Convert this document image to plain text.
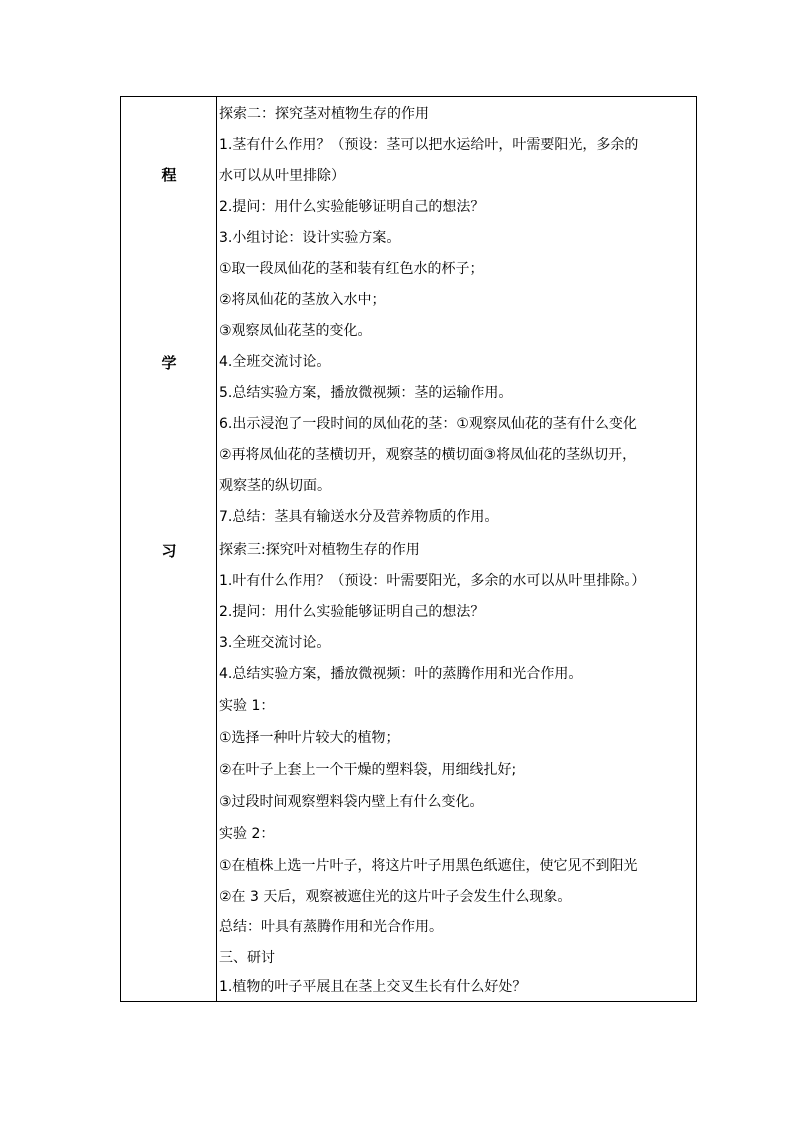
程
学
习
探索二：探究茎对植物生存的作用
1.茎有什么作用？（预设：茎可以把水运给叶，叶需要阳光，多余的
水可以从叶里排除）
2.提问：用什么实验能够证明自己的想法？
3.小组讨论：设计实验方案。
①取一段凤仙花的茎和装有红色水的杯子；
②将凤仙花的茎放入水中；
③观察凤仙花茎的变化。
4.全班交流讨论。
5.总结实验方案，播放微视频：茎的运输作用。
6.出示浸泡了一段时间的凤仙花的茎：①观察凤仙花的茎有什么变化
②再将凤仙花的茎横切开，观察茎的横切面③将凤仙花的茎纵切开，
观察茎的纵切面。
7.总结：茎具有输送水分及营养物质的作用。
探索三:探究叶对植物生存的作用
1.叶有什么作用？（预设：叶需要阳光，多余的水可以从叶里排除。）
2.提问：用什么实验能够证明自己的想法？
3.全班交流讨论。
4.总结实验方案，播放微视频：叶的蒸腾作用和光合作用。
实验 1：
①选择一种叶片较大的植物；
②在叶子上套上一个干燥的塑料袋，用细线扎好;
③过段时间观察塑料袋内壁上有什么变化。
实验 2：
①在植株上选一片叶子，将这片叶子用黑色纸遮住，使它见不到阳光
②在 3 天后，观察被遮住光的这片叶子会发生什么现象。
总结：叶具有蒸腾作用和光合作用。
三、研讨
1.植物的叶子平展且在茎上交叉生长有什么好处？
